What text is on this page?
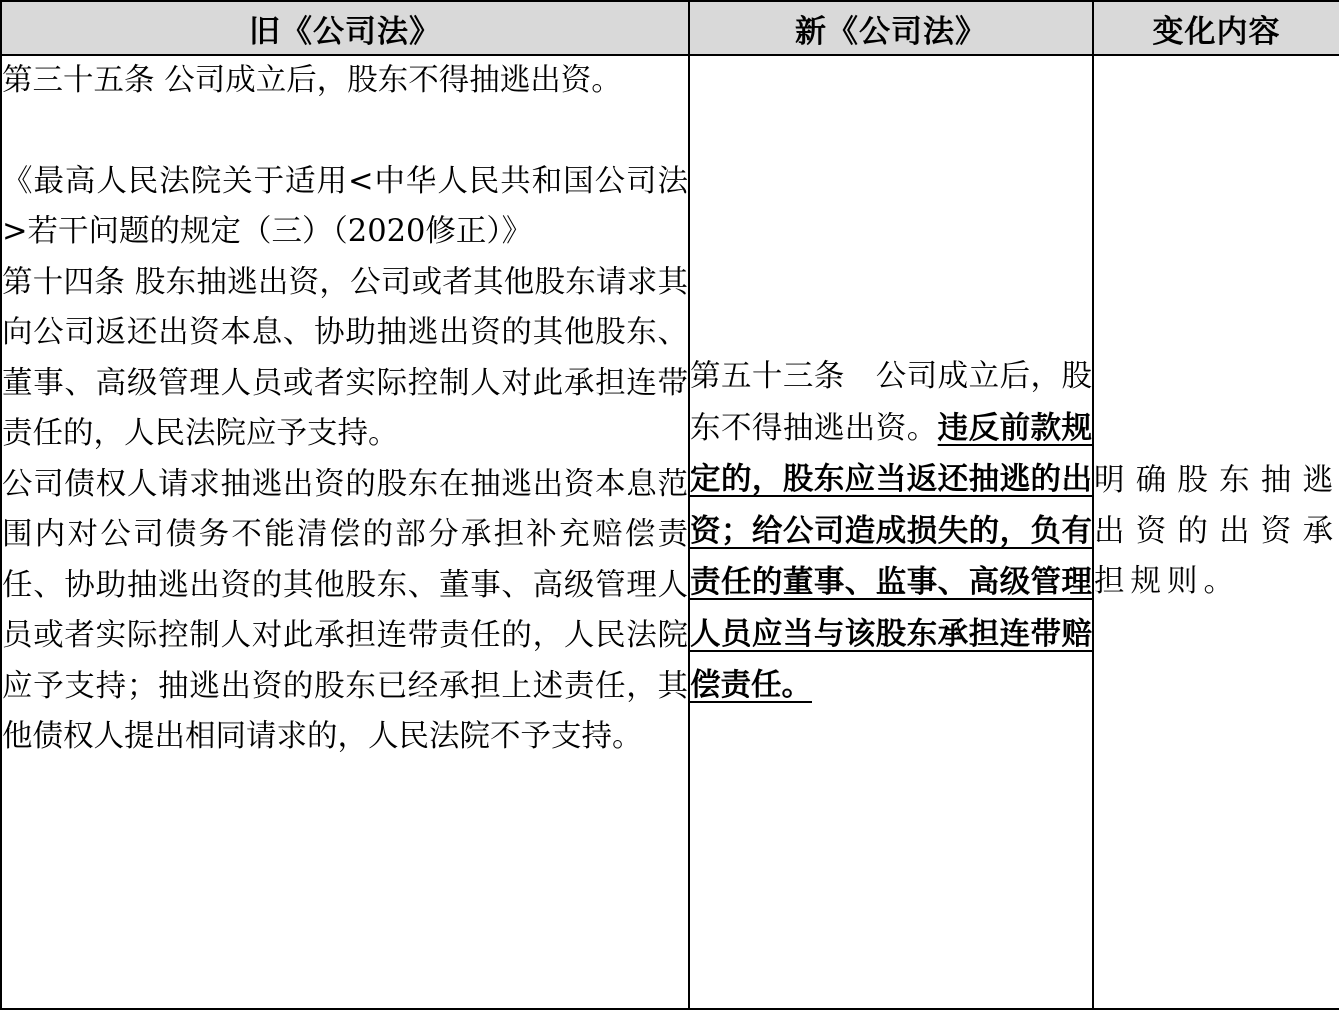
旧《公司法》	新《公司法》	变化内容

第三十五条 公司成立后，股东不得抽逃出资。

《最高人民法院关于适用<中华人民共和国公司法>若干问题的规定（三）（2020修正）》

第十四条 股东抽逃出资，公司或者其他股东请求其向公司返还出资本息、协助抽逃出资的其他股东、董事、高级管理人员或者实际控制人对此承担连带责任的，人民法院应予支持。

公司债权人请求抽逃出资的股东在抽逃出资本息范围内对公司债务不能清偿的部分承担补充赔偿责任、协助抽逃出资的其他股东、董事、高级管理人员或者实际控制人对此承担连带责任的，人民法院应予支持；抽逃出资的股东已经承担上述责任，其他债权人提出相同请求的，人民法院不予支持。	第五十三条　公司成立后，股东不得抽逃出资。违反前款规定的，股东应当返还抽逃的出资；给公司造成损失的，负有责任的董事、监事、高级管理人员应当与该股东承担连带赔偿责任。	明确股东抽逃出资的出资承担规则。
